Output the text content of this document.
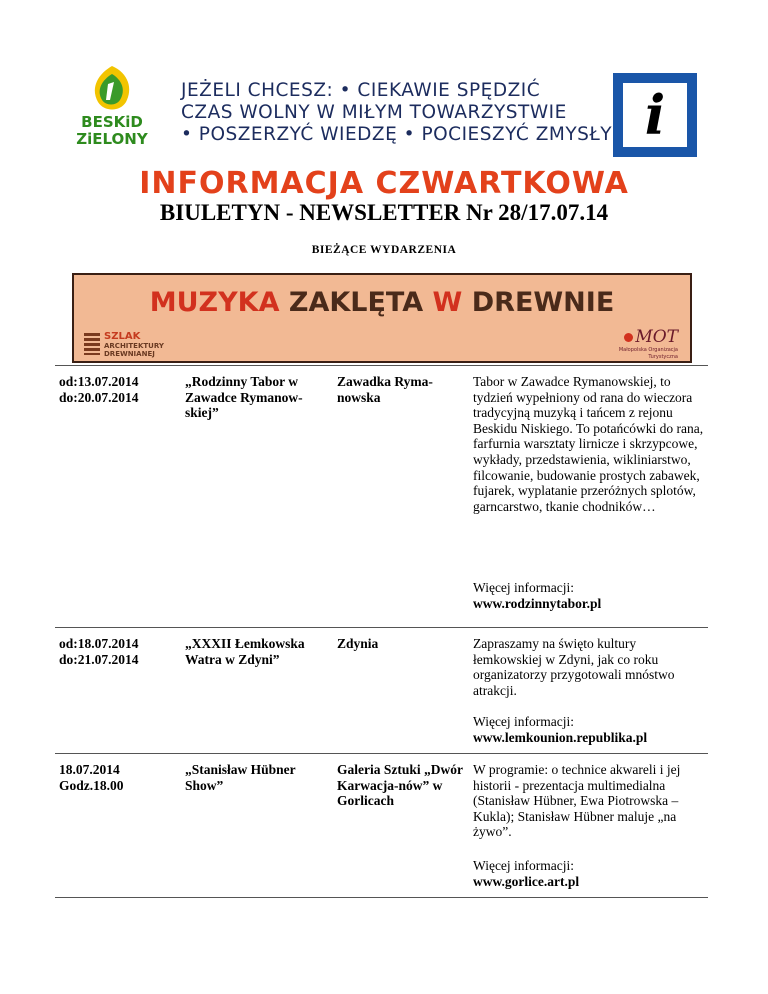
BESKiD
ZiELONY
JEŻELI CHCESZ: • CIEKAWIE SPĘDZIĆ
CZAS WOLNY W MIŁYM TOWARZYSTWIE
• POSZERZYĆ WIEDZĘ • POCIESZYĆ ZMYSŁY i
INFORMACJA CZWARTKOWA
BIULETYN - NEWSLETTER Nr 28/17.07.14
BIEŻĄCE WYDARZENIA
MUZYKA ZAKLĘTA W DREWNIE
SZLAK
ARCHITEKTURY
DREWNIANEJ
MOT
Małopolska Organizacja Turystyczna
od:13.07.2014
do:20.07.2014
„Rodzinny Tabor w Zawadce Rymanow-skiej”
Zawadka Ryma-nowska
Tabor w Zawadce Rymanowskiej, to tydzień wypełniony od rana do wieczora tradycyjną muzyką i tańcem z rejonu Beskidu Niskiego. To potańcówki do rana, farfurnia warsztaty lirnicze i skrzypcowe, wykłady, przedstawienia, wikliniarstwo, filcowanie, budowanie prostych zabawek, fujarek, wyplatanie przeróżnych splotów, garncarstwo, tkanie chodników…
Więcej informacji:
www.rodzinnytabor.pl
od:18.07.2014
do:21.07.2014
„XXXII Łemkowska Watra w Zdyni”
Zdynia	Zapraszamy na święto kultury łemkowskiej w Zdyni, jak co roku organizatorzy przygotowali mnóstwo atrakcji.
Więcej informacji:
www.lemkounion.republika.pl
18.07.2014
Godz.18.00
„Stanisław Hübner Show”
Galeria Sztuki „Dwór Karwacja-nów” w Gorlicach
W programie: o technice akwareli i jej historii - prezentacja multimedialna (Stanisław Hübner, Ewa Piotrowska – Kukla); Stanisław Hübner maluje „na żywo”.
Więcej informacji:
www.gorlice.art.pl
